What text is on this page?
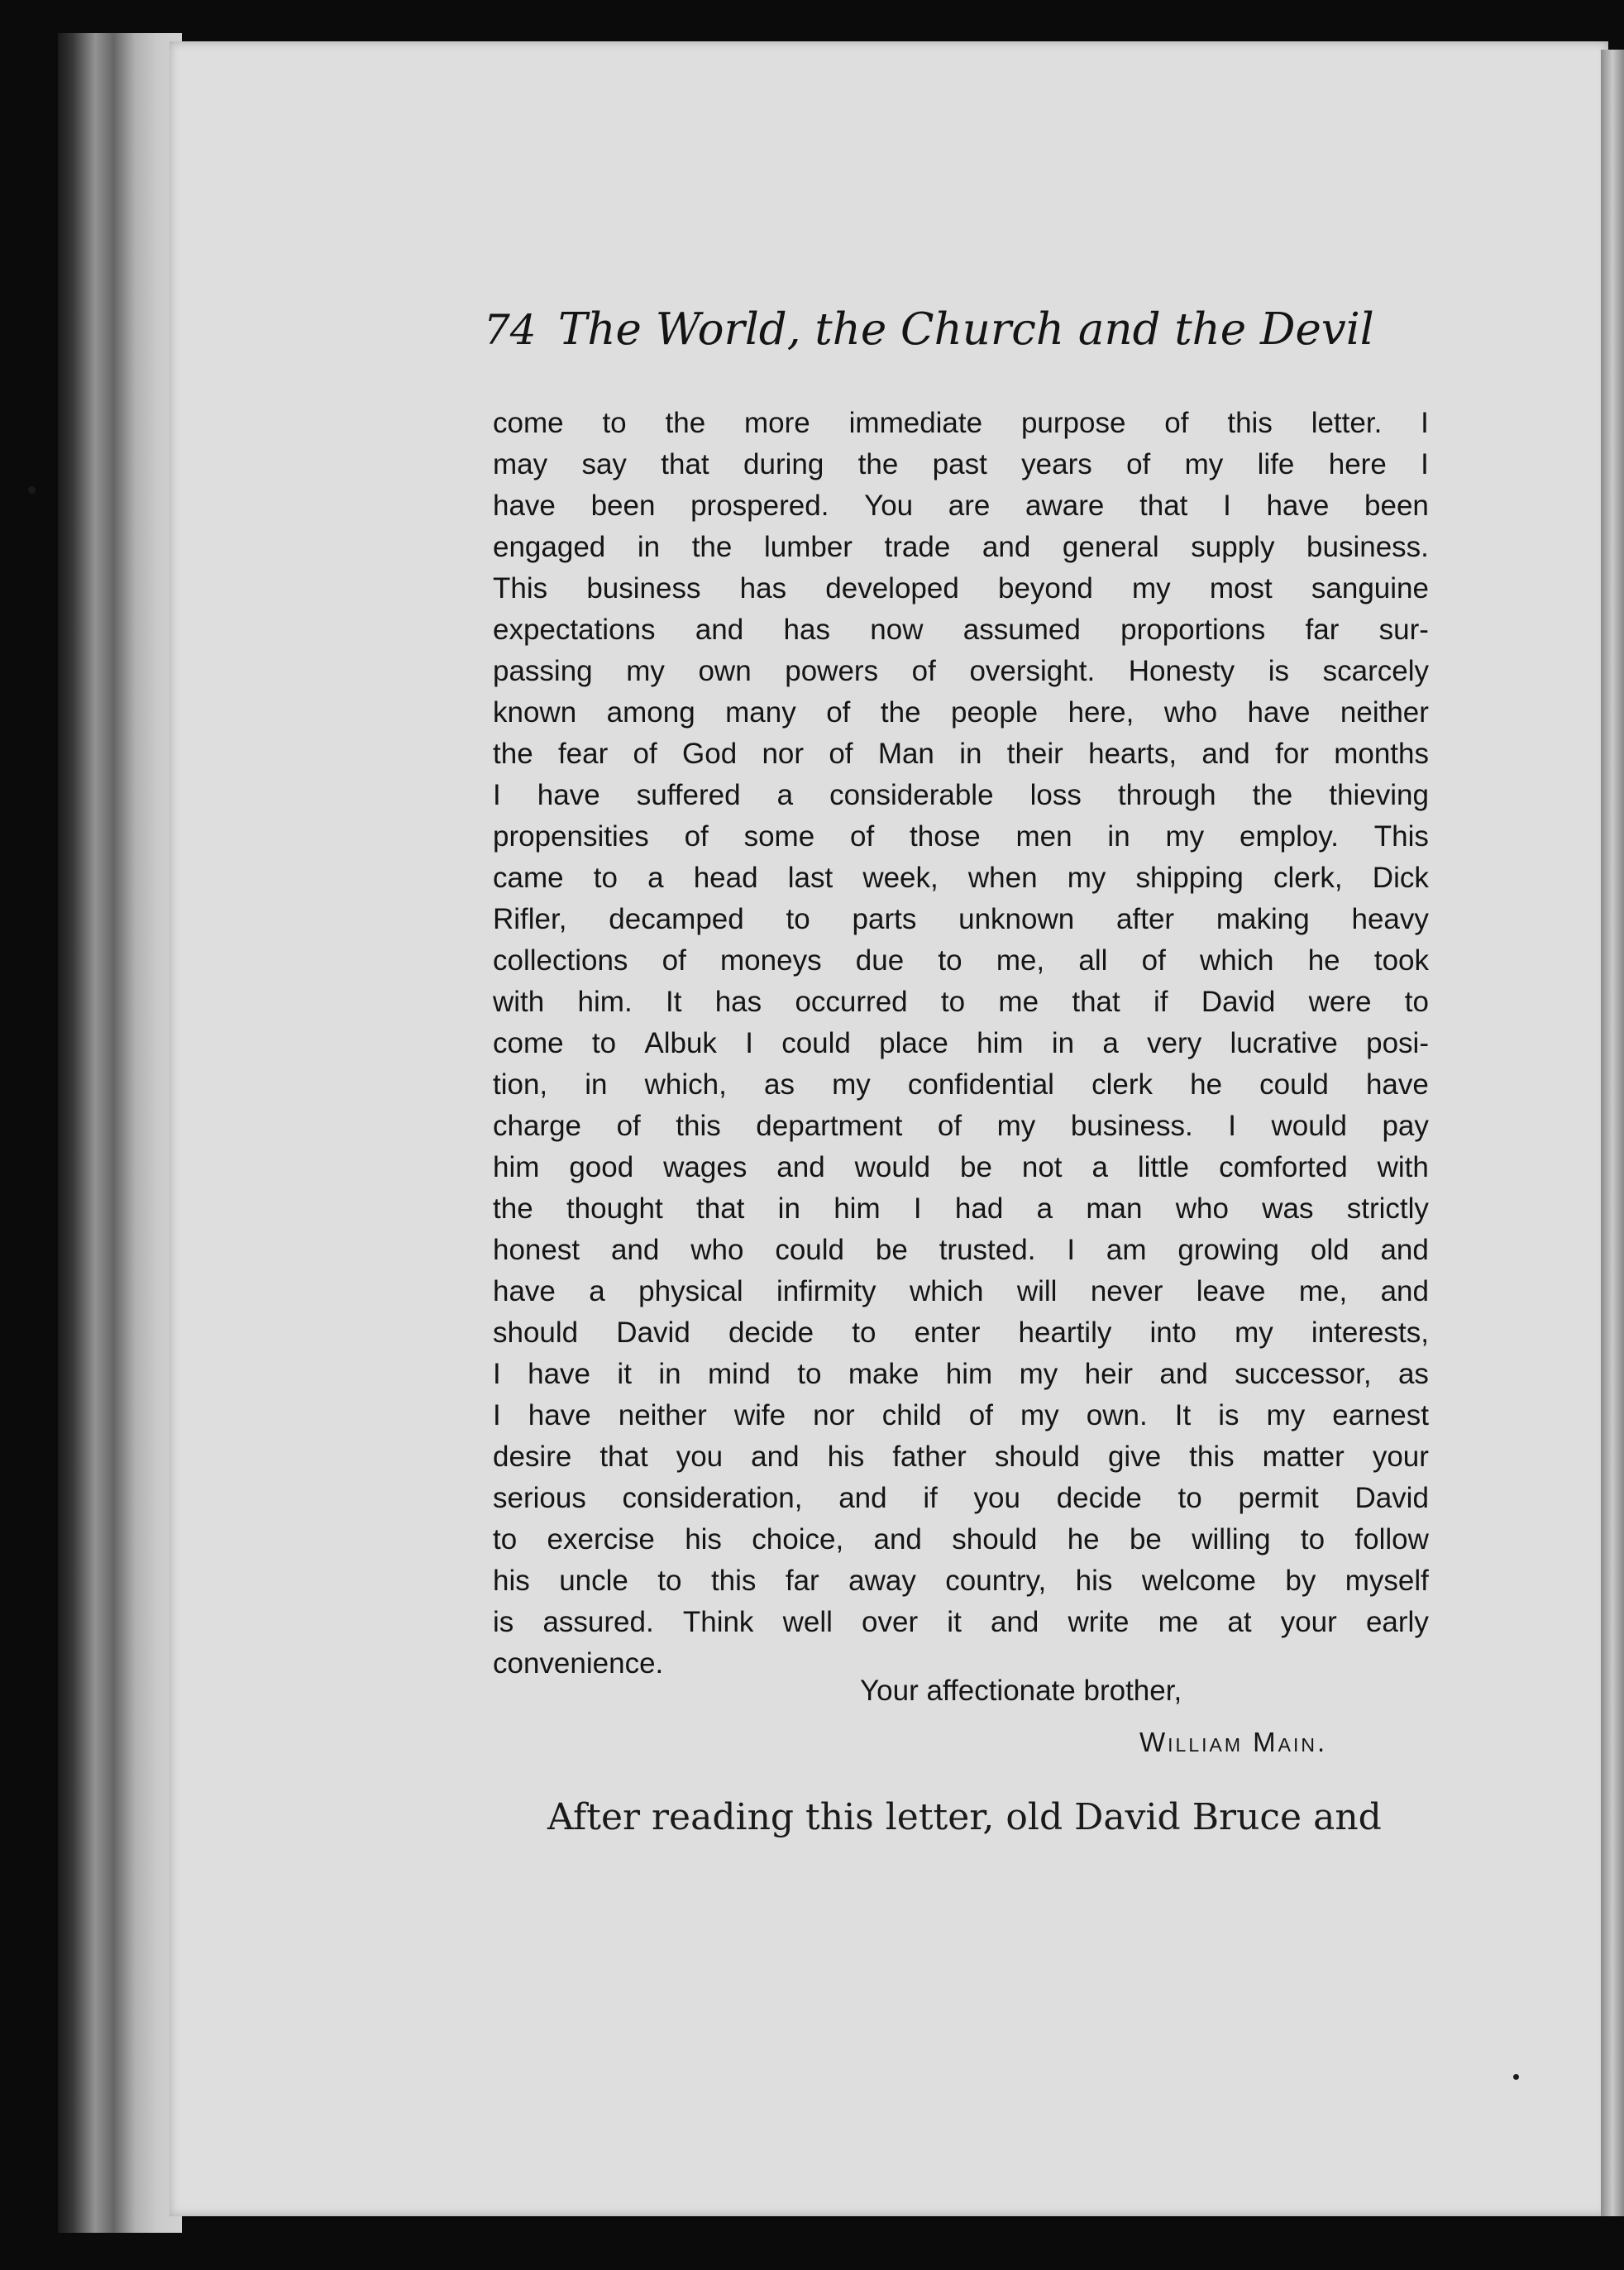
74 The World, the Church and the Devil
come to the more immediate purpose of this letter. I
may say that during the past years of my life here I
have been prospered. You are aware that I have been
engaged in the lumber trade and general supply business.
This business has developed beyond my most sanguine
expectations and has now assumed proportions far sur-
passing my own powers of oversight. Honesty is scarcely
known among many of the people here, who have neither
the fear of God nor of Man in their hearts, and for months
I have suffered a considerable loss through the thieving
propensities of some of those men in my employ. This
came to a head last week, when my shipping clerk, Dick
Rifler, decamped to parts unknown after making heavy
collections of moneys due to me, all of which he took
with him. It has occurred to me that if David were to
come to Albuk I could place him in a very lucrative posi-
tion, in which, as my confidential clerk he could have
charge of this department of my business. I would pay
him good wages and would be not a little comforted with
the thought that in him I had a man who was strictly
honest and who could be trusted. I am growing old and
have a physical infirmity which will never leave me, and
should David decide to enter heartily into my interests,
I have it in mind to make him my heir and successor, as
I have neither wife nor child of my own. It is my earnest
desire that you and his father should give this matter your
serious consideration, and if you decide to permit David
to exercise his choice, and should he be willing to follow
his uncle to this far away country, his welcome by myself
is assured. Think well over it and write me at your early
convenience.
Your affectionate brother,
William Main.
After reading this letter, old David Bruce and
